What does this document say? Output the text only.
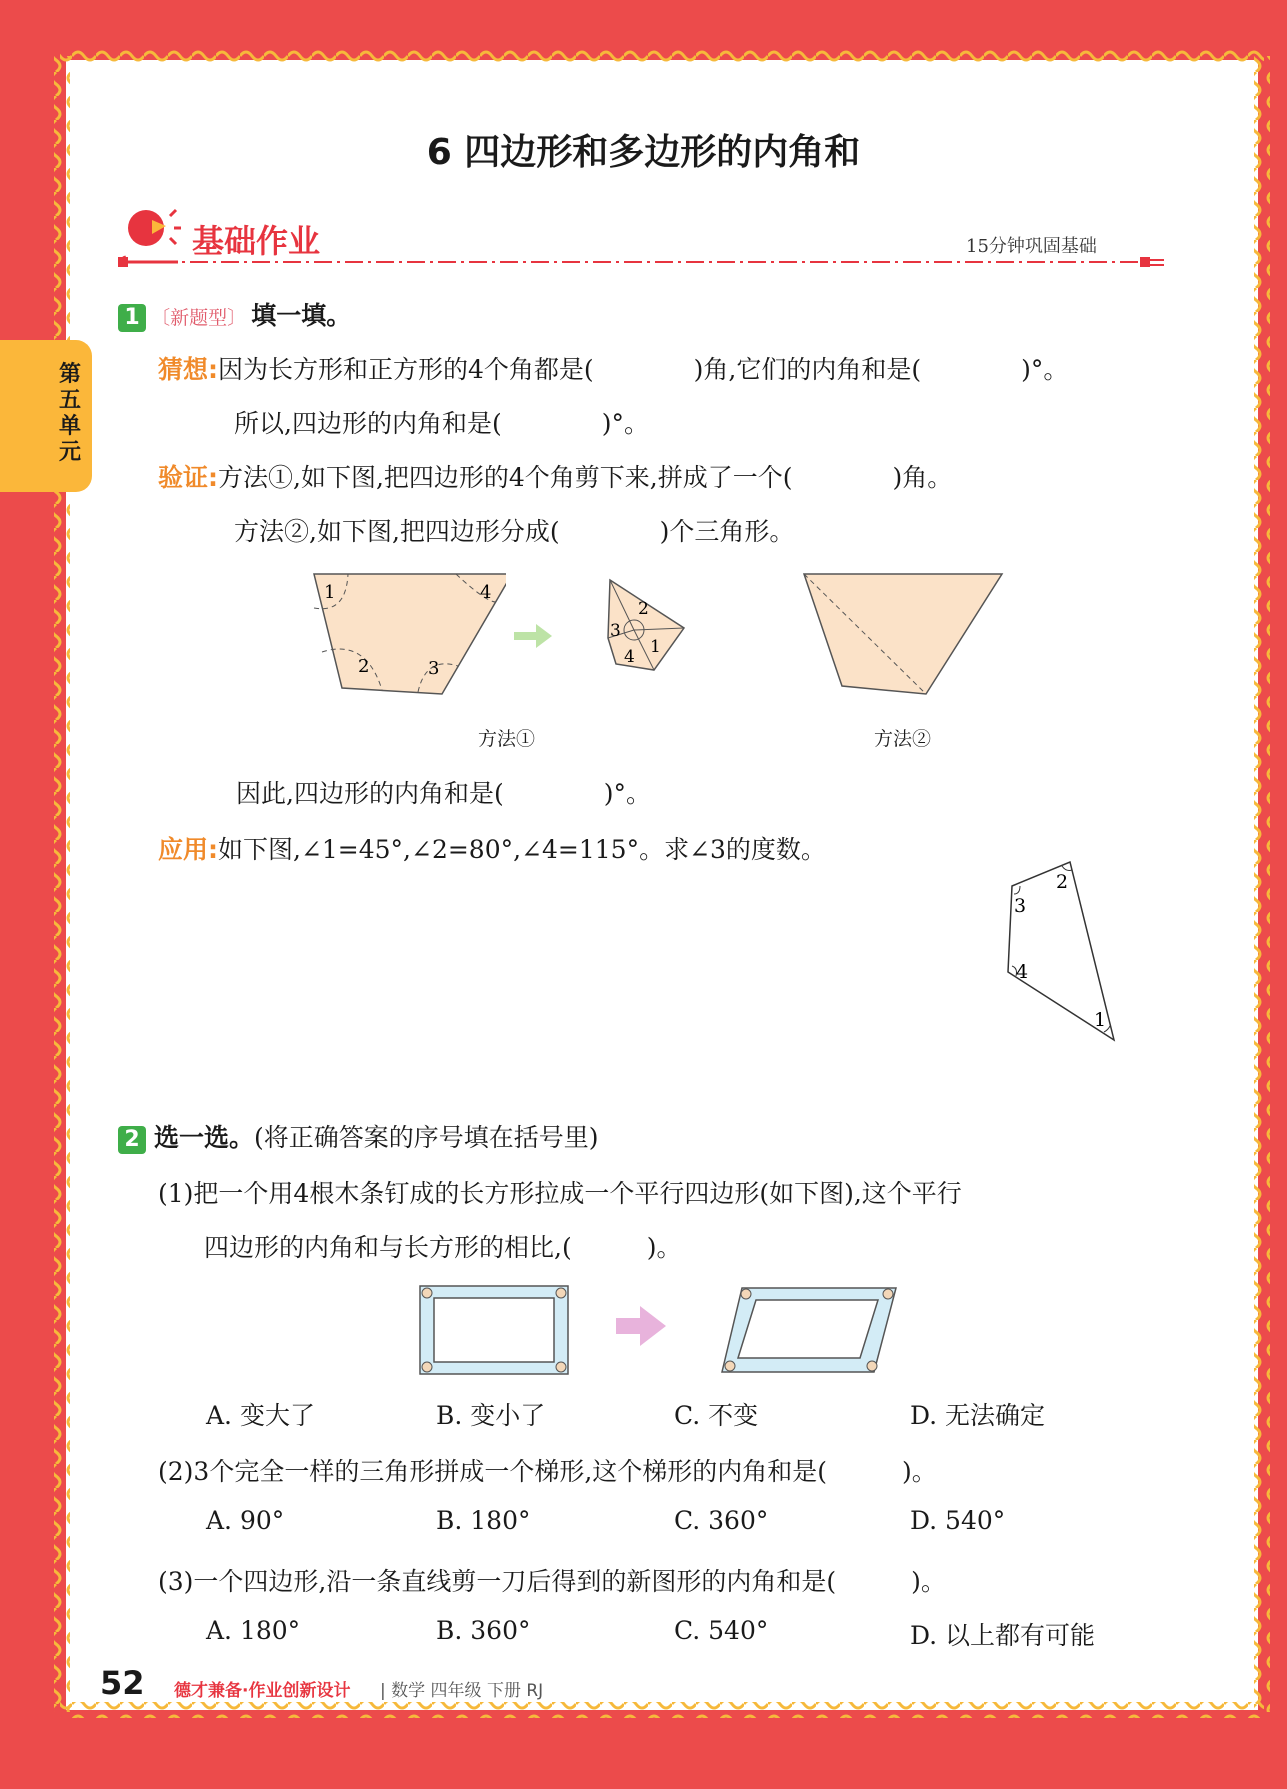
第五单元
6 四边形和多边形的内角和
基础作业	15分钟巩固基础
1 〔新题型〕 填一填。
猜想:因为长方形和正方形的4个角都是(　　　　)角,它们的内角和是(　　　　)°。
所以,四边形的内角和是(　　　　)°。
验证:方法①,如下图,把四边形的4个角剪下来,拼成了一个(　　　　)角。
方法②,如下图,把四边形分成(　　　　)个三角形。
1	4
2	3
2
3
4 1
方法①	方法②
因此,四边形的内角和是(　　　　)°。
应用:如下图,∠1=45°,∠2=80°,∠4=115°。求∠3的度数。
3
2
4
1
2 选一选。(将正确答案的序号填在括号里)
(1)把一个用4根木条钉成的长方形拉成一个平行四边形(如下图),这个平行
四边形的内角和与长方形的相比,(　　　)。
A. 变大了	B. 变小了	C. 不变	D. 无法确定
(2)3个完全一样的三角形拼成一个梯形,这个梯形的内角和是(　　　)。
A. 90°	B. 180°	C. 360°	D. 540°
(3)一个四边形,沿一条直线剪一刀后得到的新图形的内角和是(　　　)。
A. 180°	B. 360°	C. 540°	D. 以上都有可能
52 德才兼备·作业创新设计 | 数学 四年级 下册 RJ
